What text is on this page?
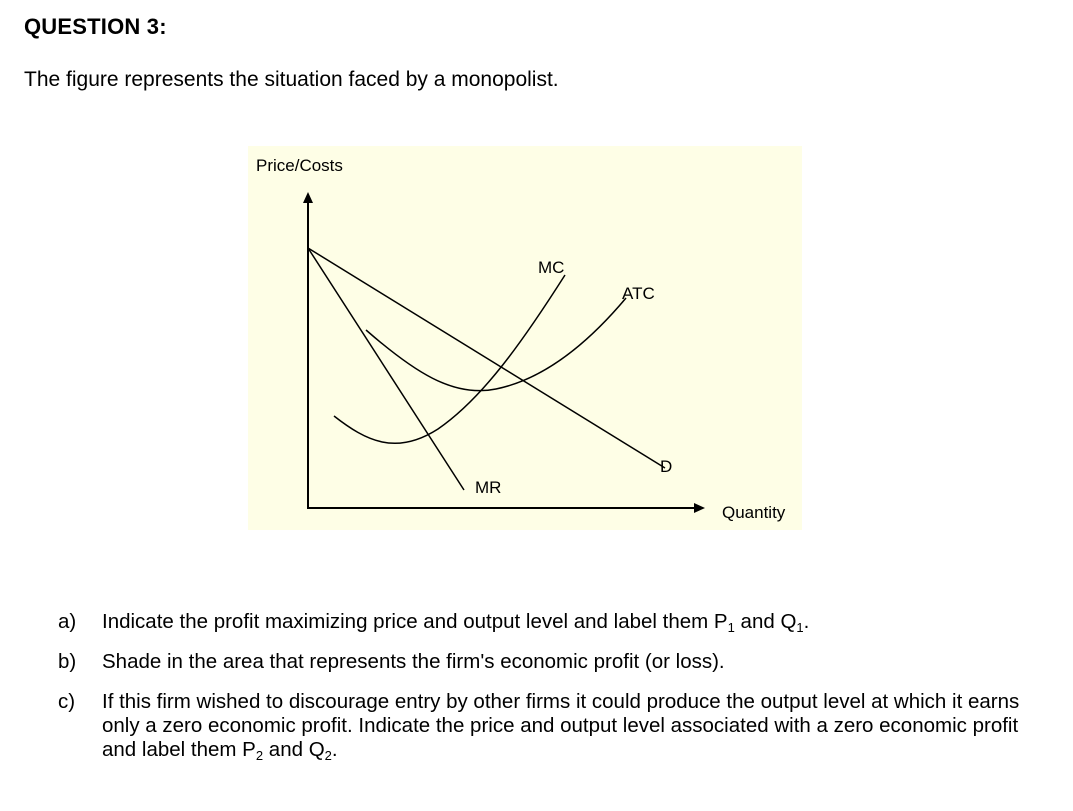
QUESTION 3:
The figure represents the situation faced by a monopolist.
Price/Costs
Quantity
MC
ATC
D
MR
a)	Indicate the profit maximizing price and output level and label them $P_1$ and $Q_1$.
b)	Shade in the area that represents the firm's economic profit (or loss).
c)	If this firm wished to discourage entry by other firms it could produce the output level at which it earns only a zero economic profit. Indicate the price and output level associated with a zero economic profit and label them $P_2$ and $Q_2$.
